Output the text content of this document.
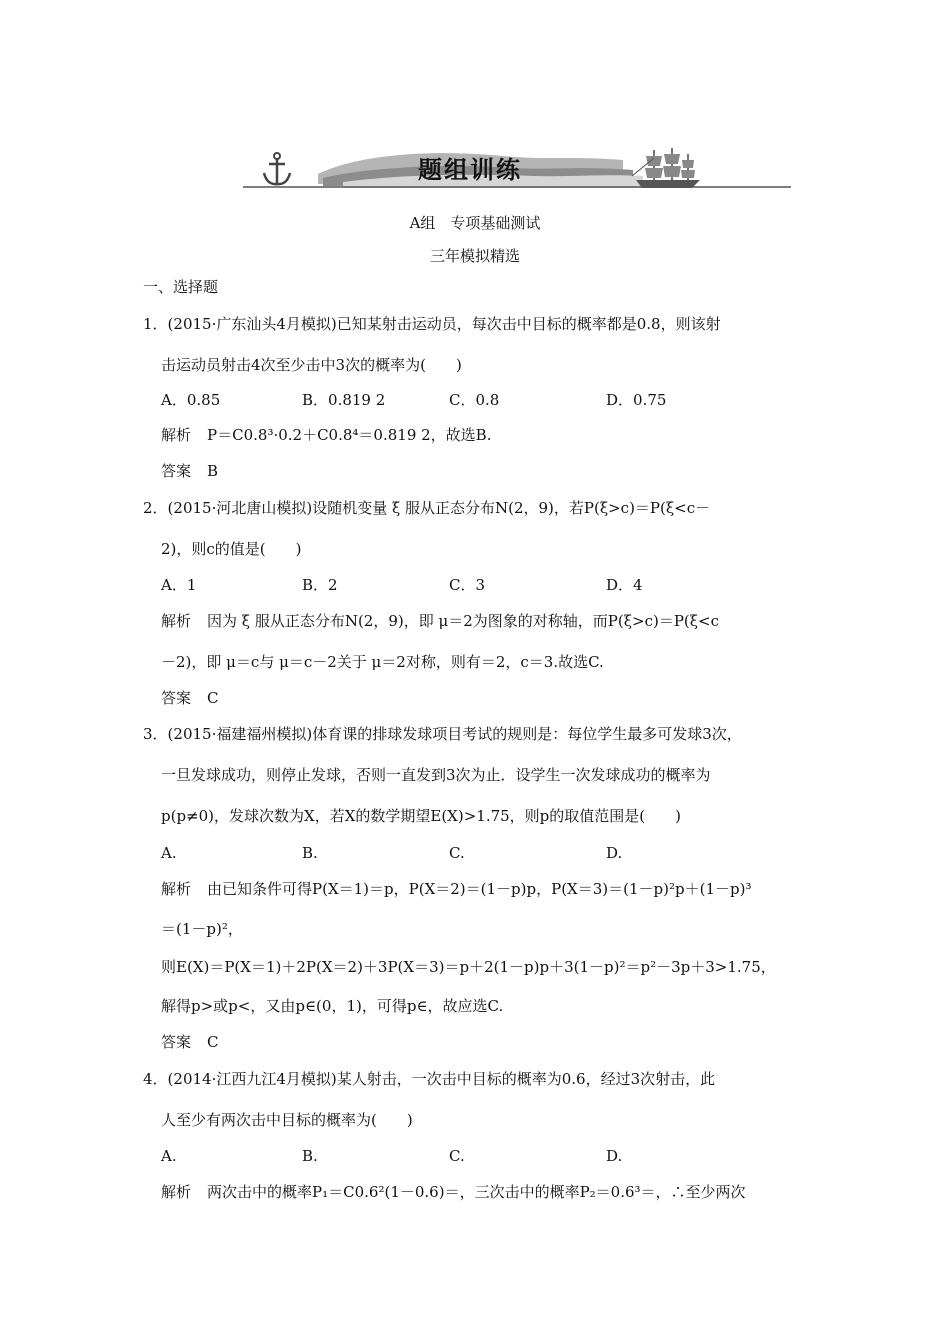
题组训练
A组　专项基础测试
三年模拟精选
一、选择题
1．(2015·广东汕头4月模拟)已知某射击运动员，每次击中目标的概率都是0.8，则该射
击运动员射击4次至少击中3次的概率为(　　)
A．0.85	B．0.819 2	C．0.8	D．0.75
解析 P＝C0.8³·0.2＋C0.8⁴＝0.819 2，故选B.
答案 B
2．(2015·河北唐山模拟)设随机变量 ξ 服从正态分布N(2，9)，若P(ξ>c)＝P(ξ<c－
2)，则c的值是(　　)
A．1	B．2	C．3	D．4
解析 因为 ξ 服从正态分布N(2，9)，即 μ＝2为图象的对称轴，而P(ξ>c)＝P(ξ<c
－2)，即 μ＝c与 μ＝c－2关于 μ＝2对称，则有＝2，c＝3.故选C.
答案 C
3．(2015·福建福州模拟)体育课的排球发球项目考试的规则是：每位学生最多可发球3次，
一旦发球成功，则停止发球，否则一直发到3次为止．设学生一次发球成功的概率为
p(p≠0)，发球次数为X，若X的数学期望E(X)>1.75，则p的取值范围是(　　)
A.	B.	C.	D.
解析 由已知条件可得P(X＝1)＝p，P(X＝2)＝(1－p)p，P(X＝3)＝(1－p)²p＋(1－p)³
＝(1－p)²，
则E(X)＝P(X＝1)＋2P(X＝2)＋3P(X＝3)＝p＋2(1－p)p＋3(1－p)²＝p²－3p＋3>1.75，
解得p>或p<，又由p∈(0，1)，可得p∈，故应选C.
答案 C
4．(2014·江西九江4月模拟)某人射击，一次击中目标的概率为0.6，经过3次射击，此
人至少有两次击中目标的概率为(　　)
A.	B.	C.	D.
解析 两次击中的概率P₁＝C0.6²(1－0.6)＝，三次击中的概率P₂＝0.6³＝，∴至少两次
